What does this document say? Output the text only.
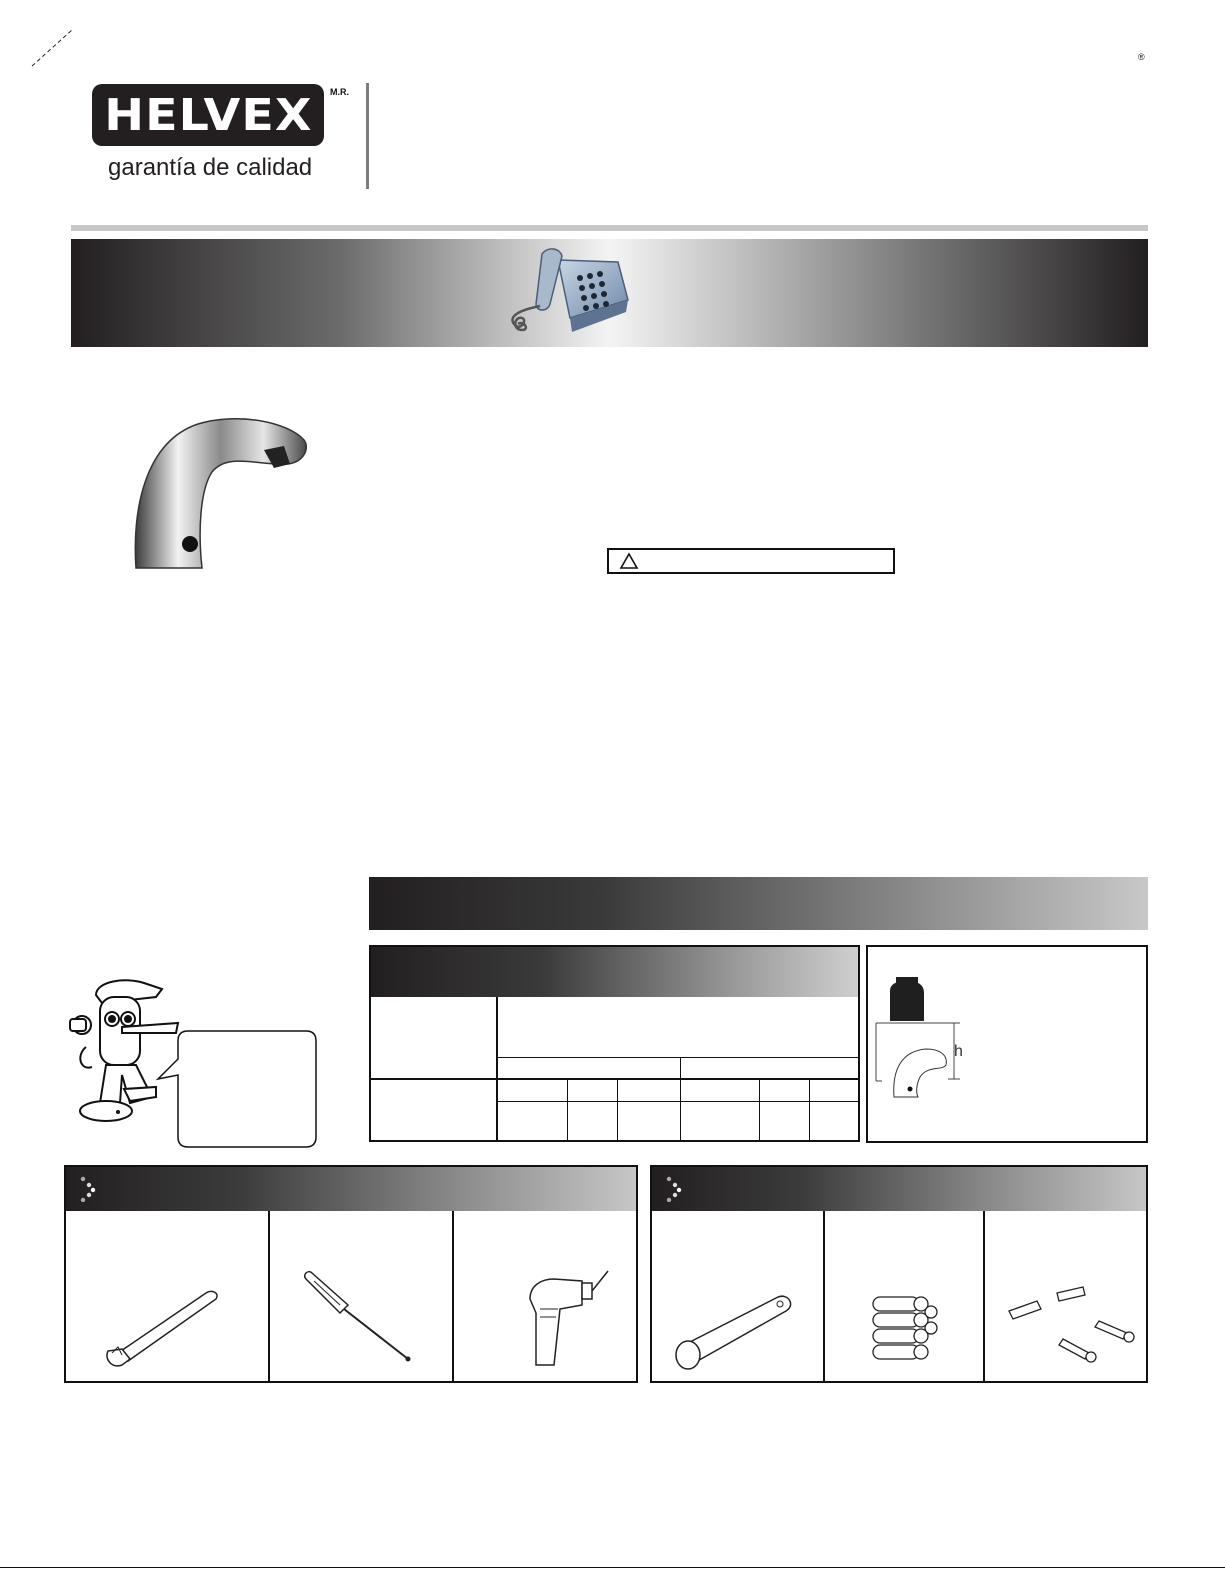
®
HELVEX M.R.
garantía de calidad
h
